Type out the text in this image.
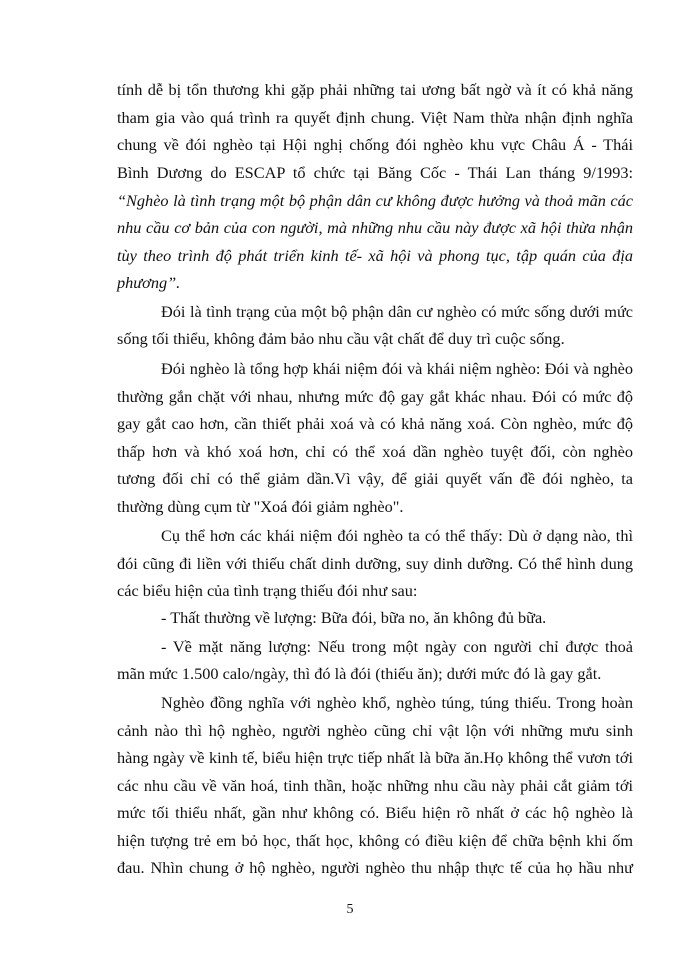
tính dễ bị tổn thương khi gặp phải những tai ương bất ngờ và ít có khả năng
tham gia vào quá trình ra quyết định chung. Việt Nam thừa nhận định nghĩa
chung về đói nghèo tại Hội nghị chống đói nghèo khu vực Châu Á - Thái
Bình Dương do ESCAP tổ chức tại Băng Cốc - Thái Lan tháng 9/1993:
“Nghèo là tình trạng một bộ phận dân cư không được hưởng và thoả mãn các
nhu cầu cơ bản của con người, mà những nhu cầu này được xã hội thừa nhận
tùy theo trình độ phát triển kinh tế- xã hội và phong tục, tập quán của địa
phương”.
Đói là tình trạng của một bộ phận dân cư nghèo có mức sống dưới mức
sống tối thiểu, không đảm bảo nhu cầu vật chất để duy trì cuộc sống.
Đói nghèo là tổng hợp khái niệm đói và khái niệm nghèo: Đói và nghèo
thường gắn chặt với nhau, nhưng mức độ gay gắt khác nhau. Đói có mức độ
gay gắt cao hơn, cần thiết phải xoá và có khả năng xoá. Còn nghèo, mức độ
thấp hơn và khó xoá hơn, chỉ có thể xoá dần nghèo tuyệt đối, còn nghèo
tương đối chỉ có thể giảm dần.Vì vậy, để giải quyết vấn đề đói nghèo, ta
thường dùng cụm từ "Xoá đói giảm nghèo".
Cụ thể hơn các khái niệm đói nghèo ta có thể thấy: Dù ở dạng nào, thì
đói cũng đi liền với thiếu chất dinh dưỡng, suy dinh dưỡng. Có thể hình dung
các biểu hiện của tình trạng thiếu đói như sau:
- Thất thường về lượng: Bữa đói, bữa no, ăn không đủ bữa.
- Về mặt năng lượng: Nếu trong một ngày con người chỉ được thoả
mãn mức 1.500 calo/ngày, thì đó là đói (thiếu ăn); dưới mức đó là gay gắt.
Nghèo đồng nghĩa với nghèo khổ, nghèo túng, túng thiếu. Trong hoàn
cảnh nào thì hộ nghèo, người nghèo cũng chỉ vật lộn với những mưu sinh
hàng ngày về kinh tế, biểu hiện trực tiếp nhất là bữa ăn.Họ không thể vươn tới
các nhu cầu về văn hoá, tinh thần, hoặc những nhu cầu này phải cắt giảm tới
mức tối thiểu nhất, gần như không có. Biểu hiện rõ nhất ở các hộ nghèo là
hiện tượng trẻ em bỏ học, thất học, không có điều kiện để chữa bệnh khi ốm
đau. Nhìn chung ở hộ nghèo, người nghèo thu nhập thực tế của họ hầu như
5
